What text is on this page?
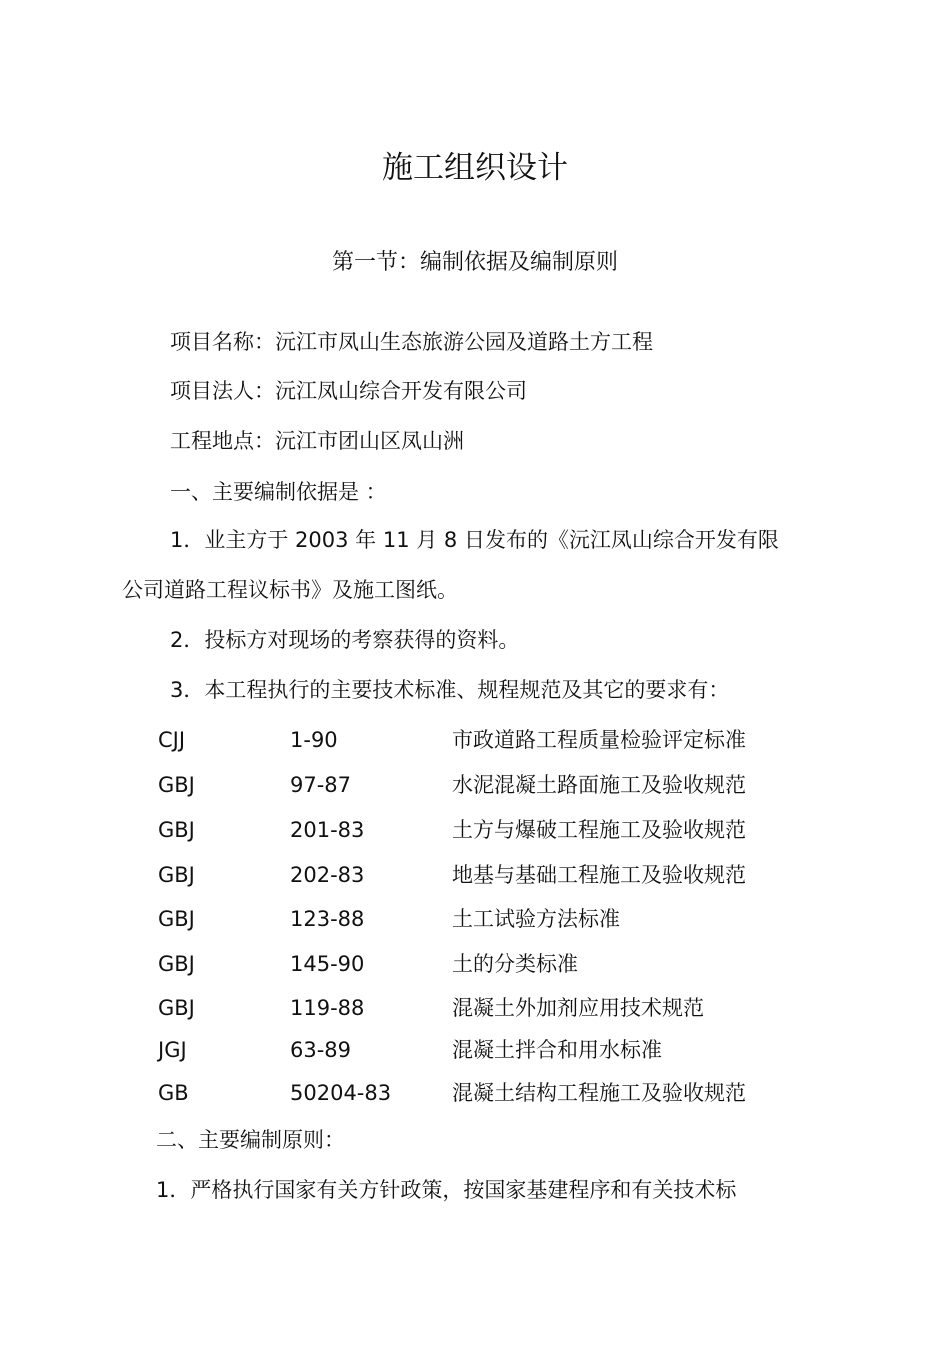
施工组织设计
第一节：编制依据及编制原则
项目名称：沅江市凤山生态旅游公园及道路土方工程
项目法人：沅江凤山综合开发有限公司
工程地点：沅江市团山区凤山洲
一、主要编制依据是 ：
1．业主方于 2003 年 11 月 8 日发布的《沅江凤山综合开发有限
公司道路工程议标书》及施工图纸。
2．投标方对现场的考察获得的资料。
3．本工程执行的主要技术标准、规程规范及其它的要求有：
CJJ	1-90	市政道路工程质量检验评定标准
GBJ	97-87	水泥混凝土路面施工及验收规范
GBJ	201-83	土方与爆破工程施工及验收规范
GBJ	202-83	地基与基础工程施工及验收规范
GBJ	123-88	土工试验方法标准
GBJ	145-90	土的分类标准
GBJ	119-88	混凝土外加剂应用技术规范
JGJ	63-89	混凝土拌合和用水标准
GB	50204-83	混凝土结构工程施工及验收规范
二、主要编制原则：
1．严格执行国家有关方针政策，按国家基建程序和有关技术标
